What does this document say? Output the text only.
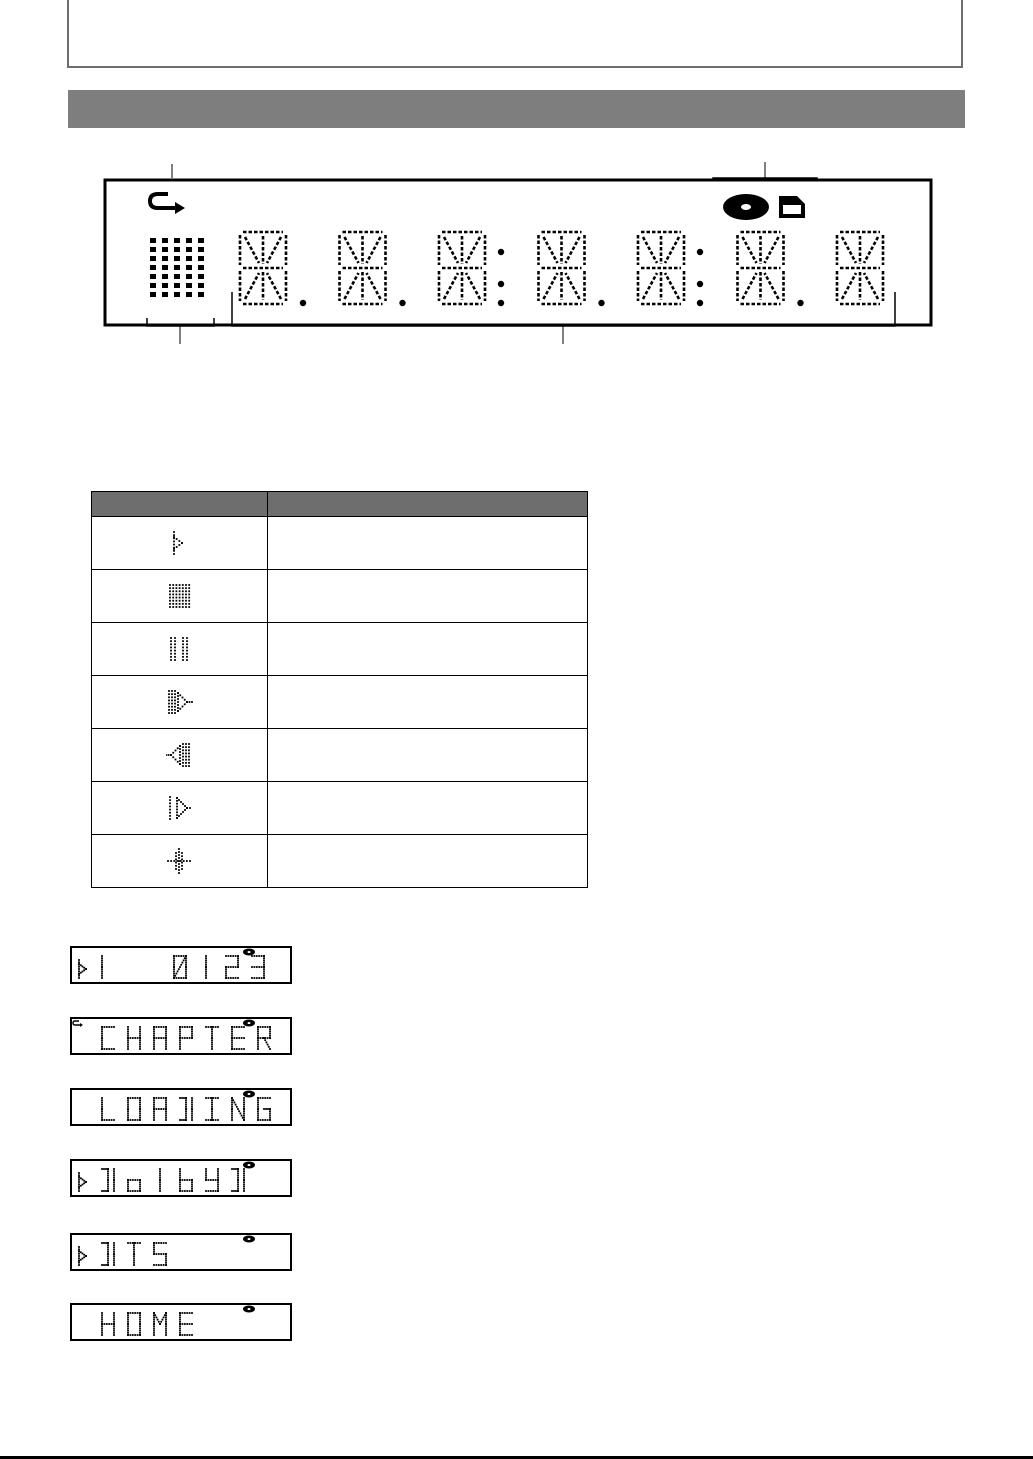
1 0123
CHAPTER
LOADING
DolbyD
DTS
HOME
